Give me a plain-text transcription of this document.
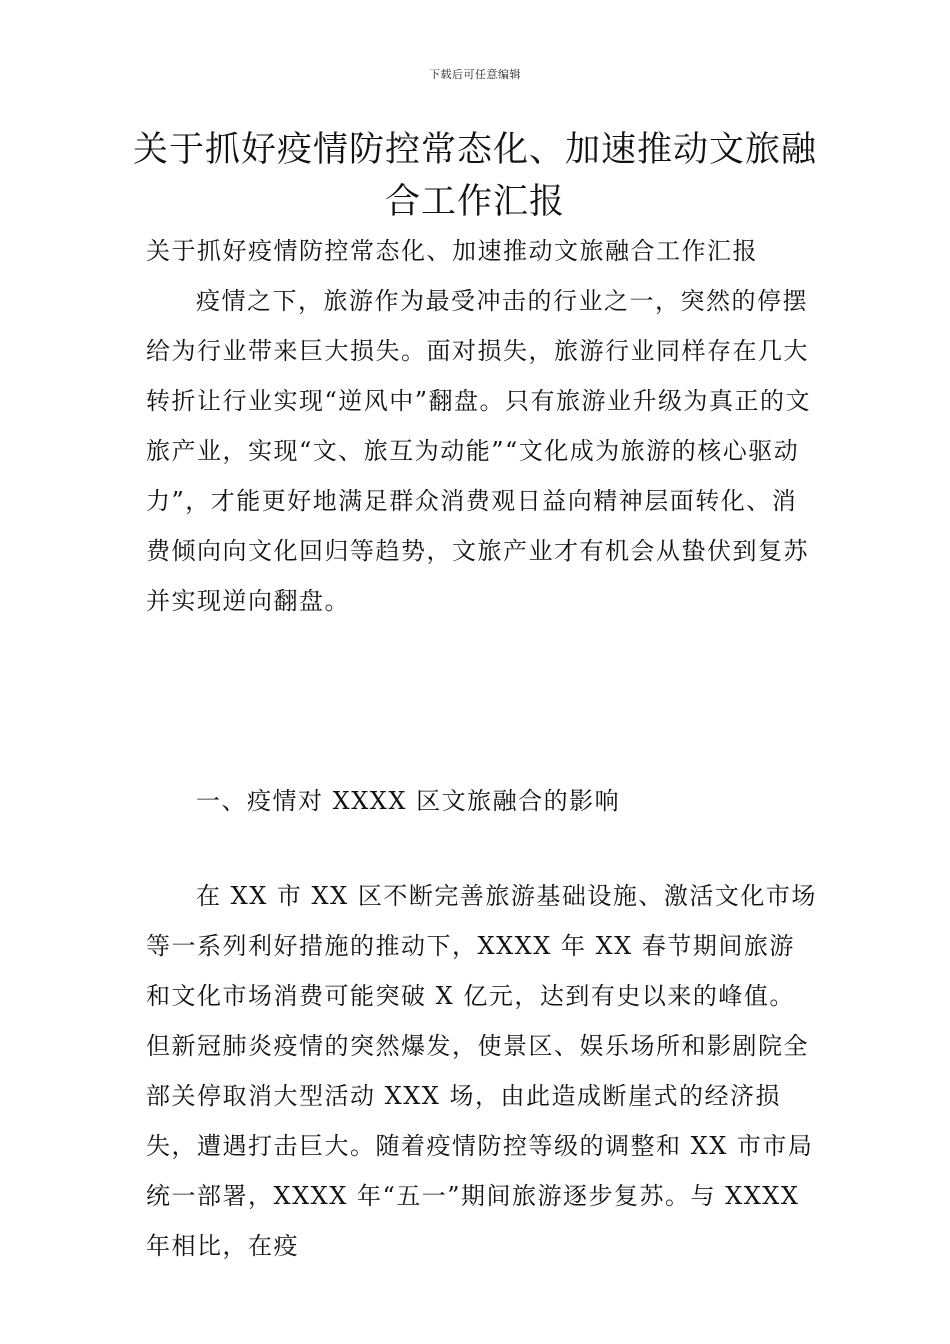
下载后可任意编辑
关于抓好疫情防控常态化、加速推动文旅融合工作汇报

关于抓好疫情防控常态化、加速推动文旅融合工作汇报

疫情之下，旅游作为最受冲击的行业之一，突然的停摆给为行业带来巨大损失。面对损失，旅游行业同样存在几大转折让行业实现“逆风中”翻盘。只有旅游业升级为真正的文旅产业，实现“文、旅互为动能”“文化成为旅游的核心驱动力”，才能更好地满足群众消费观日益向精神层面转化、消费倾向向文化回归等趋势，文旅产业才有机会从蛰伏到复苏并实现逆向翻盘。

一、疫情对 XXXX 区文旅融合的影响

在 XX 市 XX 区不断完善旅游基础设施、激活文化市场等一系列利好措施的推动下，XXXX 年 XX 春节期间旅游和文化市场消费可能突破 X 亿元，达到有史以来的峰值。但新冠肺炎疫情的突然爆发，使景区、娱乐场所和影剧院全部关停取消大型活动 XXX 场，由此造成断崖式的经济损失，遭遇打击巨大。随着疫情防控等级的调整和 XX 市市局统一部署，XXXX 年“五一”期间旅游逐步复苏。与 XXXX 年相比，在疫
